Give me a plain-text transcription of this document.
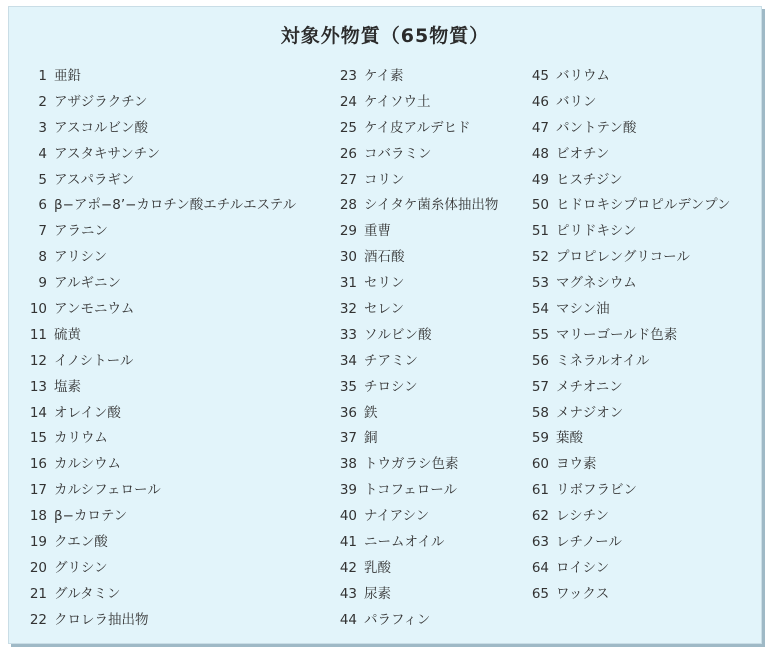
対象外物質（65物質）
1 亜鉛
2 アザジラクチン
3 アスコルビン酸
4 アスタキサンチン
5 アスパラギン
6 β−アポ−8’−カロチン酸エチルエステル
7 アラニン
8 アリシン
9 アルギニン
10 アンモニウム
11 硫黄
12 イノシトール
13 塩素
14 オレイン酸
15 カリウム
16 カルシウム
17 カルシフェロール
18 β−カロテン
19 クエン酸
20 グリシン
21 グルタミン
22 クロレラ抽出物
23 ケイ素
24 ケイソウ土
25 ケイ皮アルデヒド
26 コバラミン
27 コリン
28 シイタケ菌糸体抽出物
29 重曹
30 酒石酸
31 セリン
32 セレン
33 ソルビン酸
34 チアミン
35 チロシン
36 鉄
37 銅
38 トウガラシ色素
39 トコフェロール
40 ナイアシン
41 ニームオイル
42 乳酸
43 尿素
44 パラフィン
45 バリウム
46 バリン
47 パントテン酸
48 ビオチン
49 ヒスチジン
50 ヒドロキシプロピルデンプン
51 ピリドキシン
52 プロピレングリコール
53 マグネシウム
54 マシン油
55 マリーゴールド色素
56 ミネラルオイル
57 メチオニン
58 メナジオン
59 葉酸
60 ヨウ素
61 リボフラビン
62 レシチン
63 レチノール
64 ロイシン
65 ワックス
